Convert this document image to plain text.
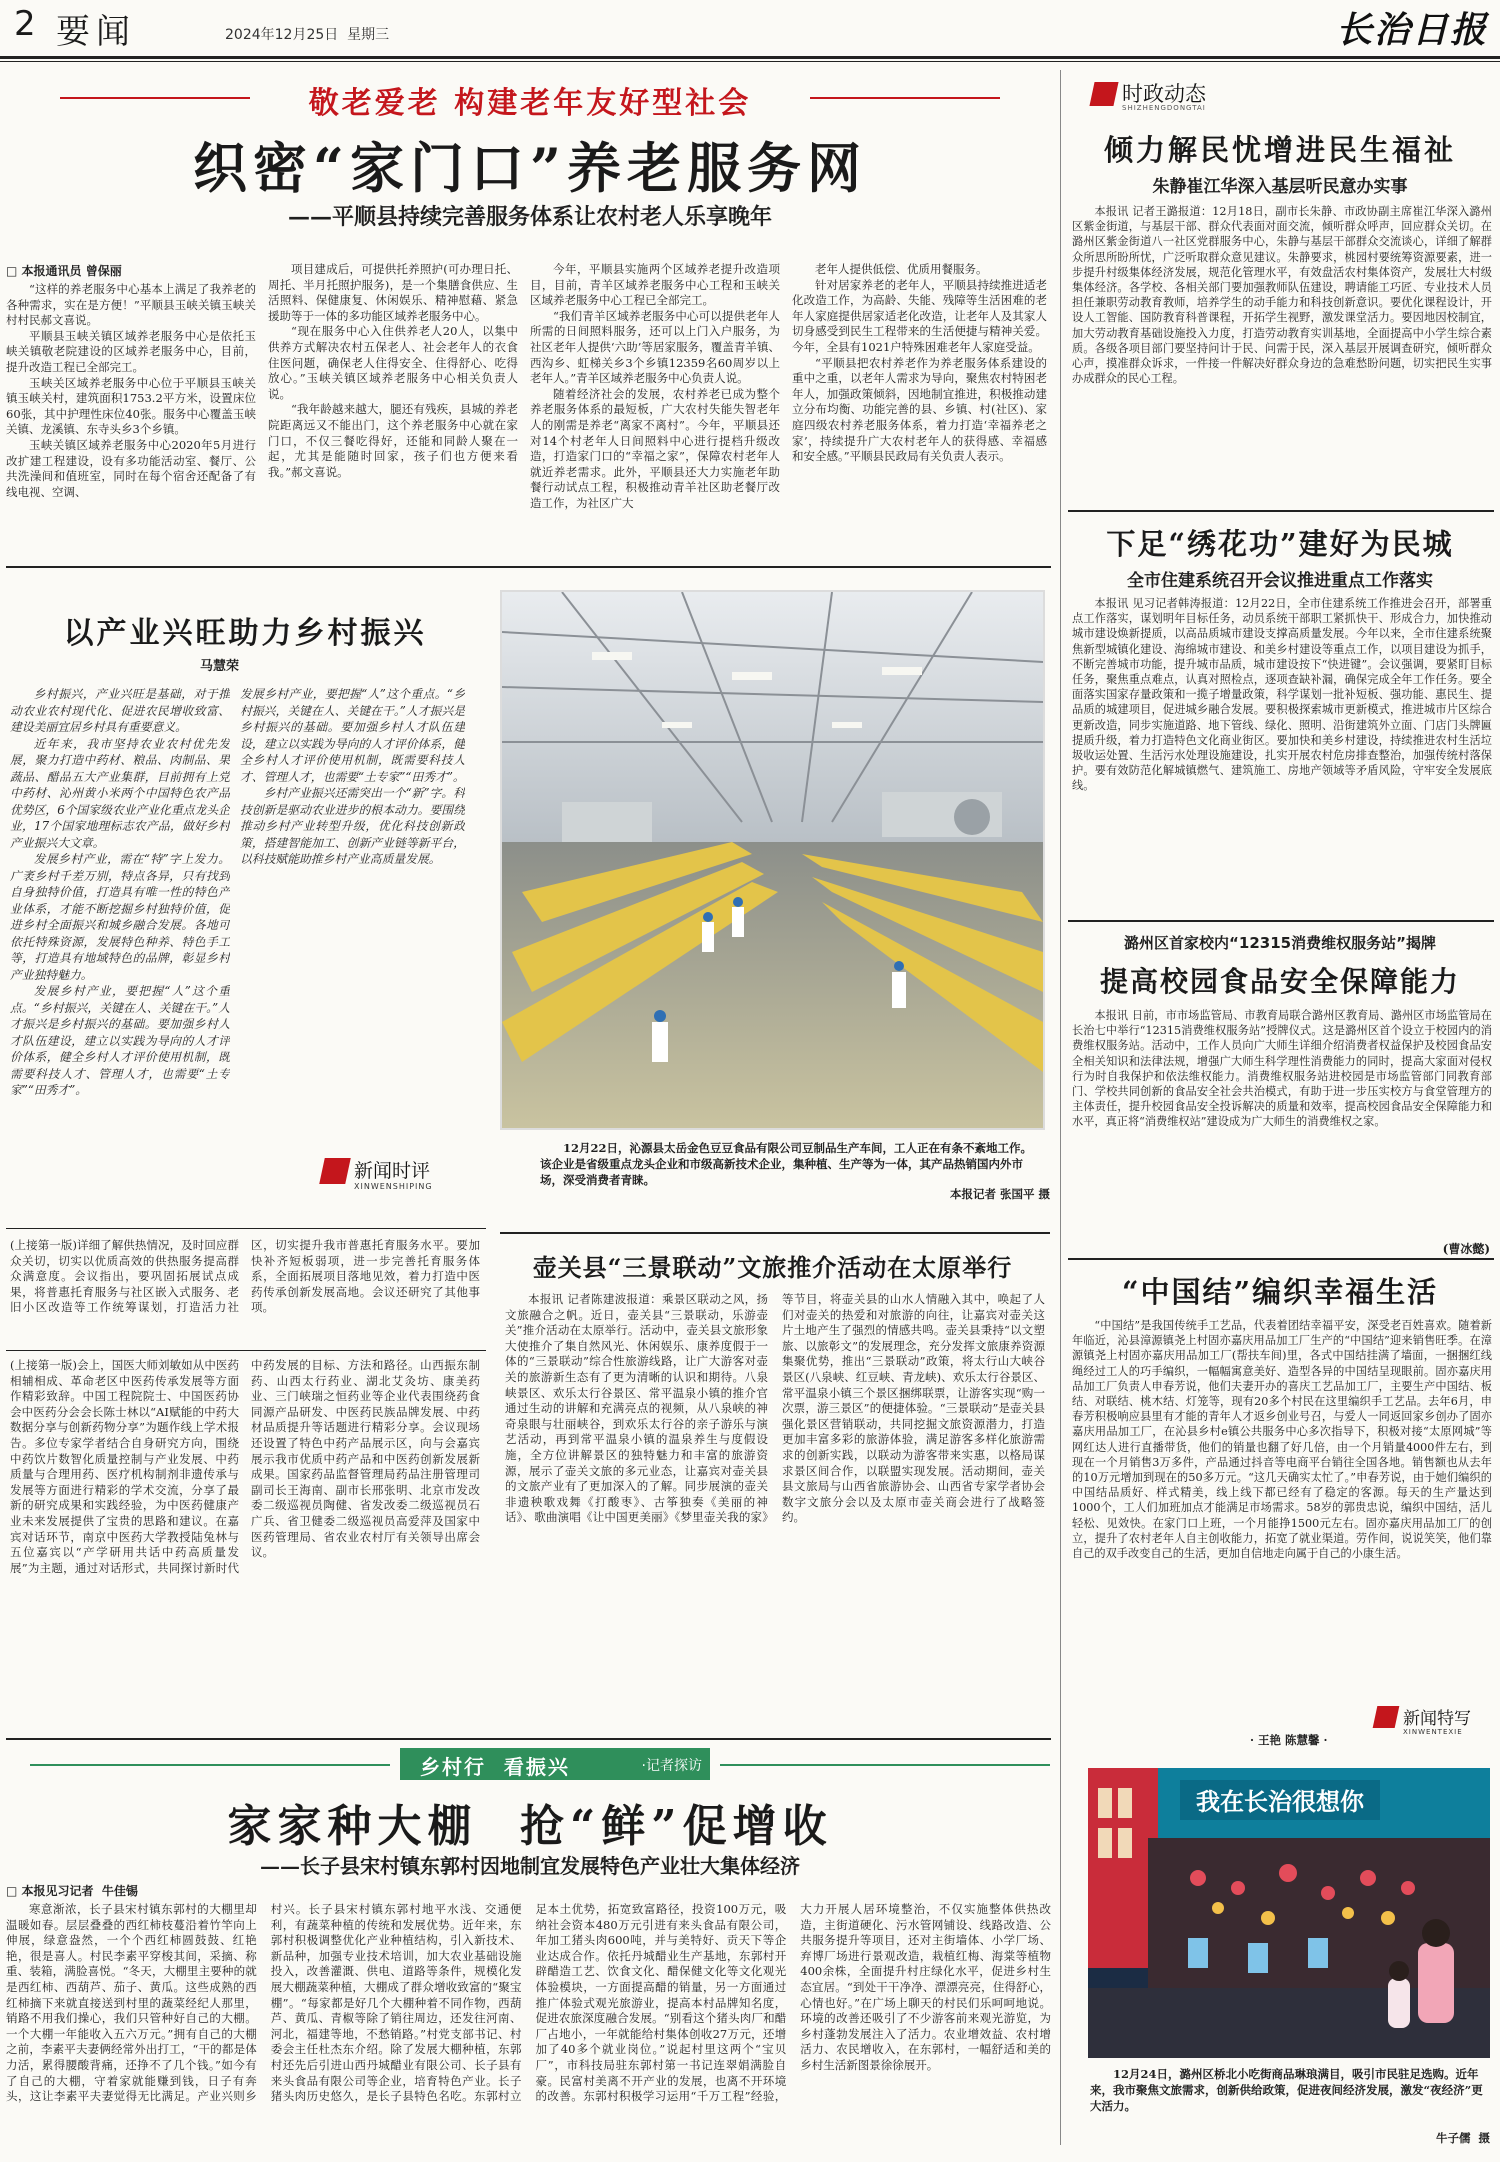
2 要闻	2024年12月25日  星期三	长治日报
敬老爱老 构建老年友好型社会
织密“家门口”养老服务网
——平顺县持续完善服务体系让农村老人乐享晚年
□ 本报通讯员 曾保丽

“这样的养老服务中心基本上满足了我养老的各种需求，实在是方便！”平顺县玉峡关镇玉峡关村村民郝文喜说。

平顺县玉峡关镇区域养老服务中心是依托玉峡关镇敬老院建设的区域养老服务中心，目前，提升改造工程已全部完工。

玉峡关区域养老服务中心位于平顺县玉峡关镇玉峡关村，建筑面积1753.2平方米，设置床位60张，其中护理性床位40张。服务中心覆盖玉峡关镇、龙溪镇、东寺头乡3个乡镇。

玉峡关镇区域养老服务中心2020年5月进行改扩建工程建设，设有多功能活动室、餐厅、公共洗澡间和值班室，同时在每个宿舍还配备了有线电视、空调、

项目建成后，可提供托养照护(可办理日托、周托、半月托照护服务)，是一个集膳食供应、生活照料、保健康复、休闲娱乐、精神慰藉、紧急援助等于一体的多功能区域养老服务中心。

“现在服务中心入住供养老人20人，以集中供养方式解决农村五保老人、社会老年人的衣食住医问题，确保老人住得安全、住得舒心、吃得放心。”玉峡关镇区域养老服务中心相关负责人说。

“我年龄越来越大，腿还有残疾，县城的养老院距离远又不能出门，这个养老服务中心就在家门口，不仅三餐吃得好，还能和同龄人聚在一起，尤其是能随时回家，孩子们也方便来看我。”郝文喜说。

今年，平顺县实施两个区域养老提升改造项目，目前，青羊区域养老服务中心工程和玉峡关区域养老服务中心工程已全部完工。

“我们青羊区域养老服务中心可以提供老年人所需的日间照料服务，还可以上门入户服务，为社区老年人提供‘六助’等居家服务，覆盖青羊镇、西沟乡、虹梯关乡3个乡镇12359名60周岁以上老年人。”青羊区域养老服务中心负责人说。

随着经济社会的发展，农村养老已成为整个养老服务体系的最短板，广大农村失能失智老年人的刚需是养老“离家不离村”。今年，平顺县还对14个村老年人日间照料中心进行提档升级改造，打造家门口的“幸福之家”，保障农村老年人就近养老需求。此外，平顺县还大力实施老年助餐行动试点工程，积极推动青羊社区助老餐厅改造工作，为社区广大

老年人提供低偿、优质用餐服务。

针对居家养老的老年人，平顺县持续推进适老化改造工作，为高龄、失能、残障等生活困难的老年人家庭提供居家适老化改造，让老年人及其家人切身感受到民生工程带来的生活便捷与精神关爱。今年，全县有1021户特殊困难老年人家庭受益。

“平顺县把农村养老作为养老服务体系建设的重中之重，以老年人需求为导向，聚焦农村特困老年人，加强政策倾斜，因地制宜推进，积极推动建立分布均衡、功能完善的县、乡镇、村(社区)、家庭四级农村养老服务体系，着力打造‘幸福养老之家’，持续提升广大农村老年人的获得感、幸福感和安全感。”平顺县民政局有关负责人表示。

以产业兴旺助力乡村振兴
马慧荣

乡村振兴，产业兴旺是基础，对于推动农业农村现代化、促进农民增收致富、建设美丽宜居乡村具有重要意义。

近年来，我市坚持农业农村优先发展，聚力打造中药材、粮品、肉制品、果蔬品、醋品五大产业集群，目前拥有上党中药材、沁州黄小米两个中国特色农产品优势区，6个国家级农业产业化重点龙头企业，17个国家地理标志农产品，做好乡村产业振兴大文章。

发展乡村产业，需在“特”字上发力。广袤乡村千差万别，特点各异，只有找到自身独特价值，打造具有唯一性的特色产业体系，才能不断挖掘乡村独特价值，促进乡村全面振兴和城乡融合发展。各地可依托特殊资源，发展特色种养、特色手工等，打造具有地域特色的品牌，彰显乡村产业独特魅力。

发展乡村产业，要把握“人”这个重点。“乡村振兴，关键在人、关键在干。”人才振兴是乡村振兴的基础。要加强乡村人才队伍建设，建立以实践为导向的人才评价体系，健全乡村人才评价使用机制，既需要科技人才、管理人才，也需要“土专家”“田秀才”。

发展乡村产业，要把握“人”这个重点。“乡村振兴，关键在人、关键在干。”人才振兴是乡村振兴的基础。要加强乡村人才队伍建设，建立以实践为导向的人才评价体系，健全乡村人才评价使用机制，既需要科技人才、管理人才，也需要“土专家”“田秀才”。

乡村产业振兴还需突出一个“新”字。科技创新是驱动农业进步的根本动力。要围绕推动乡村产业转型升级，优化科技创新政策，搭建智能加工、创新产业链等新平台，以科技赋能助推乡村产业高质量发展。

新闻时评
XINWENSHIPING
12月22日，沁源县太岳金色豆豆食品有限公司豆制品生产车间，工人正在有条不紊地工作。该企业是省级重点龙头企业和市级高新技术企业，集种植、生产等为一体，其产品热销国内外市场，深受消费者青睐。
本报记者 张国平 摄

(上接第一版)详细了解供热情况，及时回应群众关切，切实以优质高效的供热服务提高群众满意度。会议指出，要巩固拓展试点成果，将普惠托育服务与社区嵌入式服务、老旧小区改造等工作统筹谋划，打造活力社区，切实提升我市普惠托育服务水平。要加快补齐短板弱项，进一步完善托育服务体系，全面拓展项目落地见效，着力打造中医药传承创新发展高地。会议还研究了其他事项。

(上接第一版)会上，国医大师刘敏如从中医药相辅相成、革命老区中医药传承发展等方面作精彩致辞。中国工程院院士、中国医药协会中医药分会会长陈士林以“AI赋能的中药大数据分享与创新药物分享”为题作线上学术报告。多位专家学者结合自身研究方向，围绕中药饮片数智化质量控制与产业发展、中药质量与合理用药、医疗机构制剂非遗传承与发展等方面进行精彩的学术交流，分享了最新的研究成果和实践经验，为中医药健康产业未来发展提供了宝贵的思路和建议。在嘉宾对话环节，南京中医药大学教授陆兔林与五位嘉宾以“产学研用共话中药高质量发展”为主题，通过对话形式，共同探讨新时代中药发展的目标、方法和路径。山西振东制药、山西太行药业、湖北艾灸坊、康美药业、三门峡瑞之恒药业等企业代表围绕药食同源产品研发、中医药民族品牌发展、中药材品质提升等话题进行精彩分享。会议现场还设置了特色中药产品展示区，向与会嘉宾展示我市优质中药产品和中医药创新发展新成果。国家药品监督管理局药品注册管理司副司长王海南、副市长邢张明、北京市发改委二级巡视员陶健、省发改委二级巡视员石广兵、省卫健委二级巡视员高爱萍及国家中医药管理局、省农业农村厅有关领导出席会议。

壶关县“三景联动”文旅推介活动在太原举行

本报讯 记者陈建波报道：乘景区联动之风，扬文旅融合之帆。近日，壶关县“三景联动，乐游壶关”推介活动在太原举行。活动中，壶关县文旅形象大使推介了集自然风光、休闲娱乐、康养度假于一体的“三景联动”综合性旅游线路，让广大游客对壶关的旅游新生态有了更为清晰的认识和期待。八泉峡景区、欢乐太行谷景区、常平温泉小镇的推介官通过生动的讲解和充满亮点的视频，从八泉峡的神奇泉眼与壮丽峡谷，到欢乐太行谷的亲子游乐与演艺活动，再到常平温泉小镇的温泉养生与度假设施，全方位讲解景区的独特魅力和丰富的旅游资源，展示了壶关文旅的多元业态，让嘉宾对壶关县的文旅产业有了更加深入的了解。同步展演的壶关非遗秧歌戏舞《打酸枣》、古筝独奏《美丽的神话》、歌曲演唱《让中国更美丽》《梦里壶关我的家》等节目，将壶关县的山水人情融入其中，唤起了人们对壶关的热爱和对旅游的向往，让嘉宾对壶关这片土地产生了强烈的情感共鸣。壶关县秉持“以文塑旅、以旅彰文”的发展理念，充分发挥文旅康养资源集聚优势，推出“三景联动”政策，将太行山大峡谷景区(八泉峡、红豆峡、青龙峡)、欢乐太行谷景区、常平温泉小镇三个景区捆绑联票，让游客实现“购一次票，游三景区”的便捷体验。“三景联动”是壶关县强化景区营销联动，共同挖掘文旅资源潜力，打造更加丰富多彩的旅游体验，满足游客多样化旅游需求的创新实践，以联动为游客带来实惠，以格局谋求景区间合作，以联盟实现发展。活动期间，壶关县文旅局与山西省旅游协会、山西省专家学者协会数字文旅分会以及太原市壶关商会进行了战略签约。

乡村行  看振兴	·记者探访
家家种大棚  抢“鲜”促增收
——长子县宋村镇东郭村因地制宜发展特色产业壮大集体经济
□ 本报见习记者  牛佳锡

寒意渐浓，长子县宋村镇东郭村的大棚里却温暖如春。层层叠叠的西红柿枝蔓沿着竹竿向上伸展，绿意盎然，一个个西红柿圆鼓鼓、红艳艳，很是喜人。村民李素平穿梭其间，采摘、称重、装箱，满脸喜悦。“冬天，大棚里主要种的就是西红柿、西葫芦、茄子、黄瓜。这些成熟的西红柿摘下来就直接送到村里的蔬菜经纪人那里，销路不用我们操心，我们只管种好自己的大棚。一个大棚一年能收入五六万元。”拥有自己的大棚之前，李素平夫妻俩经常外出打工，“干的都是体力活，累得腰酸背痛，还挣不了几个钱。”如今有了自己的大棚，守着家就能赚到钱，日子有奔头，这让李素平夫妻觉得无比满足。产业兴则乡村兴。长子县宋村镇东郭村地平水浅、交通便利，有蔬菜种植的传统和发展优势。近年来，东郭村积极调整优化产业种植结构，引入新技术、新品种，加强专业技术培训，加大农业基础设施投入，改善灌溉、供电、道路等条件，规模化发展大棚蔬菜种植，大棚成了群众增收致富的“聚宝棚”。“每家都是好几个大棚种着不同作物，西葫芦、黄瓜、青椒等除了销往周边，还发往河南、河北，福建等地，不愁销路。”村党支部书记、村委会主任杜杰东介绍。除了发展大棚种植，东郭村还先后引进山西丹城醋业有限公司、长子县有来头食品有限公司等企业，培育特色产业。长子猪头肉历史悠久，是长子县特色名吃。东郭村立足本土优势，拓宽致富路径，投资100万元，吸纳社会资本480万元引进有来头食品有限公司，年加工猪头肉600吨，并与美特好、贡天下等企业达成合作。依托丹城醋业生产基地，东郭村开辟醋造工艺、饮食文化、醋保健文化等文化观光体验模块，一方面提高醋的销量，另一方面通过推广体验式观光旅游业，提高本村品牌知名度，促进农旅深度融合发展。“别看这个猪头肉厂和醋厂占地小，一年就能给村集体创收27万元，还增加了40多个就业岗位。”说起村里这两个“宝贝厂”，市科技局驻东郭村第一书记连翠娟满脸自豪。民富村美离不开产业的发展，也离不开环境的改善。东郭村积极学习运用“千万工程”经验，大力开展人居环境整治，不仅实施整体供热改造，主街道硬化、污水管网铺设、线路改造、公共服务提升等项目，还对主街墙体、小学厂场、弃博厂场进行景观改造，栽植红梅、海棠等植物400余株，全面提升村庄绿化水平，促进乡村生态宜居。“到处干干净净、漂漂亮亮，住得舒心，心情也好。”在广场上聊天的村民们乐呵呵地说。环境的改善还吸引了不少游客前来观光游览，为乡村蓬勃发展注入了活力。农业增效益、农村增活力、农民增收入，在东郭村，一幅舒适和美的乡村生活新图景徐徐展开。

时政动态
SHIZHENGDONGTAI
倾力解民忧增进民生福祉
朱静崔江华深入基层听民意办实事

本报讯 记者王潞报道：12月18日，副市长朱静、市政协副主席崔江华深入潞州区紫金街道，与基层干部、群众代表面对面交流，倾听群众呼声，回应群众关切。在潞州区紫金街道八一社区党群服务中心，朱静与基层干部群众交流谈心，详细了解群众所思所盼所忧，广泛听取群众意见建议。朱静要求，桃园村要统筹资源要素，进一步提升村级集体经济发展，规范化管理水平，有效盘活农村集体资产，发展壮大村级集体经济。各学校、各相关部门要加强教师队伍建设，聘请能工巧匠、专业技术人员担任兼职劳动教育教师，培养学生的动手能力和科技创新意识。要优化课程设计，开设人工智能、国防教育科普课程，开拓学生视野，激发课堂活力。要因地因校制宜，加大劳动教育基础设施投入力度，打造劳动教育实训基地，全面提高中小学生综合素质。各级各项目部门要坚持问计于民、问需于民，深入基层开展调查研究，倾听群众心声，摸准群众诉求，一件接一件解决好群众身边的急难愁盼问题，切实把民生实事办成群众的民心工程。

下足“绣花功”建好为民城
全市住建系统召开会议推进重点工作落实

本报讯 见习记者韩涛报道：12月22日，全市住建系统工作推进会召开，部署重点工作落实，谋划明年目标任务，动员系统干部职工紧抓快干、形成合力，加快推动城市建设焕新提质，以高品质城市建设支撑高质量发展。今年以来，全市住建系统聚焦新型城镇化建设、海绵城市建设、和美乡村建设等重点工作，以项目建设为抓手，不断完善城市功能，提升城市品质，城市建设按下“快进键”。会议强调，要紧盯目标任务，聚焦重点难点，认真对照检点，逐项查缺补漏，确保完成全年工作任务。要全面落实国家存量政策和一揽子增量政策，科学谋划一批补短板、强功能、惠民生、提品质的城建项目，促进城乡融合发展。要积极探索城市更新模式，推进城市片区综合更新改造，同步实施道路、地下管线、绿化、照明、沿街建筑外立面、门店门头牌匾提质升级，着力打造特色文化商业街区。要加快和美乡村建设，持续推进农村生活垃圾收运处置、生活污水处理设施建设，扎实开展农村危房排查整治，加强传统村落保护。要有效防范化解城镇燃气、建筑施工、房地产领域等矛盾风险，守牢安全发展底线。

潞州区首家校内“12315消费维权服务站”揭牌
提高校园食品安全保障能力

本报讯 日前，市市场监管局、市教育局联合潞州区教育局、潞州区市场监管局在长治七中举行“12315消费维权服务站”授牌仪式。这是潞州区首个设立于校园内的消费维权服务站。活动中，工作人员向广大师生详细介绍消费者权益保护及校园食品安全相关知识和法律法规，增强广大师生科学理性消费能力的同时，提高大家面对侵权行为时自我保护和依法维权能力。消费维权服务站进校园是市场监管部门同教育部门、学校共同创新的食品安全社会共治模式，有助于进一步压实校方与食堂管理方的主体责任，提升校园食品安全投诉解决的质量和效率，提高校园食品安全保障能力和水平，真正将“消费维权站”建设成为广大师生的消费维权之家。

(曹冰懿)
“中国结”编织幸福生活

“中国结”是我国传统手工艺品，代表着团结幸福平安，深受老百姓喜欢。随着新年临近，沁县漳源镇尧上村固亦嘉庆用品加工厂生产的“中国结”迎来销售旺季。在漳源镇尧上村固亦嘉庆用品加工厂(帮扶车间)里，各式中国结挂满了墙面，一捆捆红线绳经过工人的巧手编织，一幅幅寓意美好、造型各异的中国结呈现眼前。固亦嘉庆用品加工厂负责人申春芳说，他们夫妻开办的喜庆工艺品加工厂，主要生产中国结、板结、对联结、桃木结、灯笼等，现有20多个村民在这里编织手工艺品。去年6月，申春芳积极响应县里有才能的青年人才返乡创业号召，与爱人一同返回家乡创办了固亦嘉庆用品加工厂，在沁县乡村e镇公共服务中心多次指导下，积极对接“太原网城”等网红达人进行直播带货，他们的销量也翻了好几倍，由一个月销量4000件左右，到现在一个月销售3万多件，产品通过抖音等电商平台销往全国各地。销售额也从去年的10万元增加到现在的50多万元。“这几天确实太忙了。”申春芳说，由于她们编织的中国结品质好、样式精美，线上线下都已经有了稳定的客源。每天的生产量达到1000个，工人们加班加点才能满足市场需求。58岁的郭贵忠说，编织中国结，活儿轻松、见效快。在家门口上班，一个月能挣1500元左右。固亦嘉庆用品加工厂的创立，提升了农村老年人自主创收能力，拓宽了就业渠道。劳作间，说说笑笑，他们靠自己的双手改变自己的生活，更加自信地走向属于自己的小康生活。

· 王艳 陈慧馨 ·
新闻特写
XINWENTEXIE
我在长治很想你
12月24日，潞州区桥北小吃街商品琳琅满目，吸引市民驻足选购。近年来，我市聚焦文旅需求，创新供给政策，促进夜间经济发展，激发“夜经济”更大活力。
牛子儒  摄
